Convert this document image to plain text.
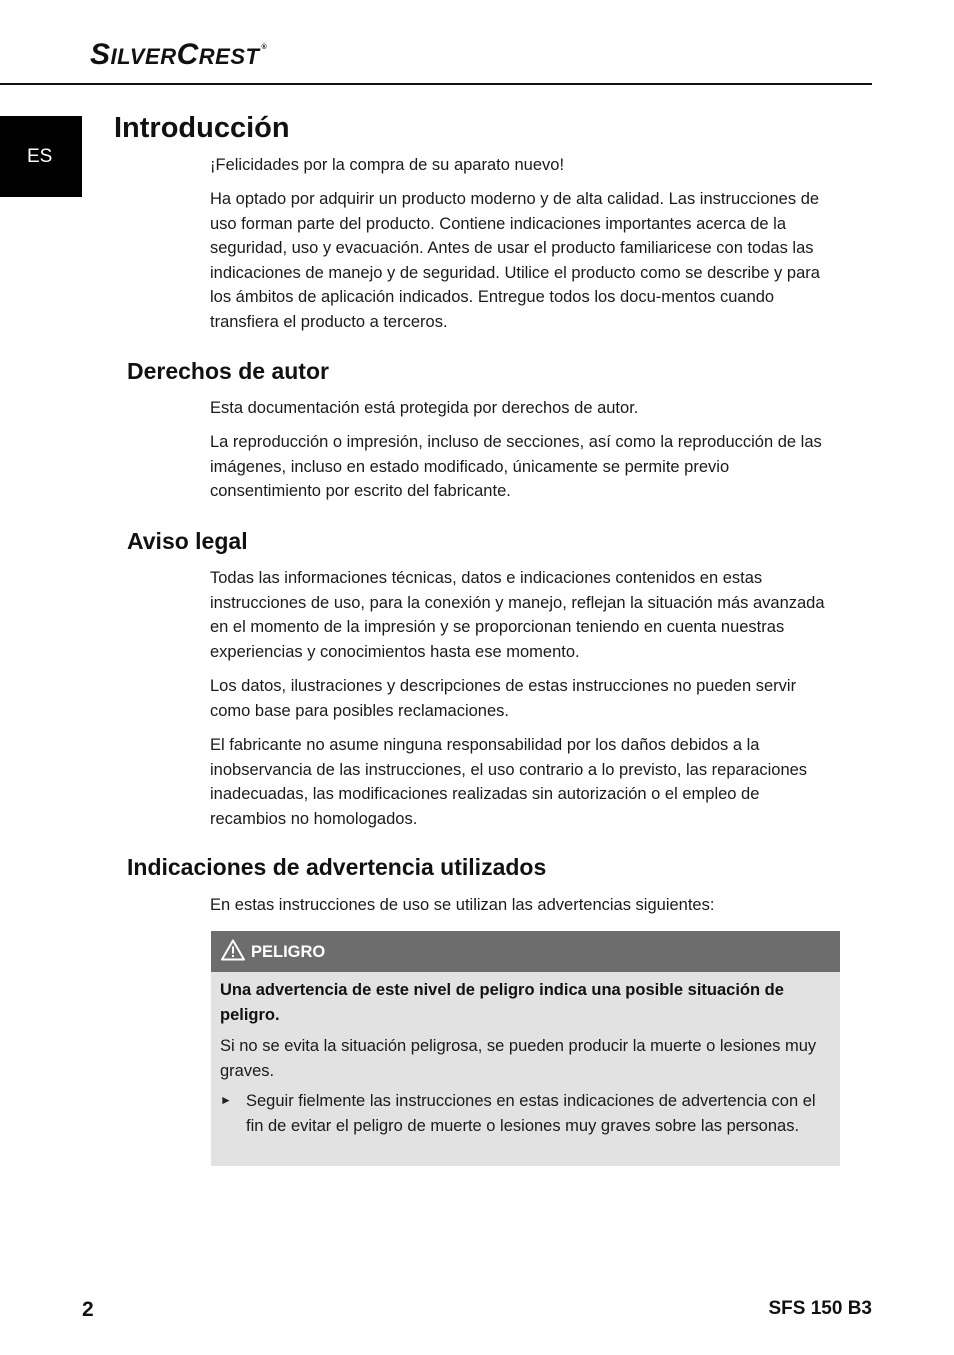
SILVERCREST ®
ES
Introducción

¡Felicidades por la compra de su aparato nuevo!

Ha optado por adquirir un producto moderno y de alta calidad. Las instrucciones de uso forman parte del producto. Contiene indicaciones importantes acerca de la seguridad, uso y evacuación. Antes de usar el producto familiaricese con todas las indicaciones de manejo y de seguridad. Utilice el producto como se describe y para los ámbitos de aplicación indicados. Entregue todos los docu-mentos cuando transfiera el producto a terceros.

Derechos de autor

Esta documentación está protegida por derechos de autor.

La reproducción o impresión, incluso de secciones, así como la reproducción de las imágenes, incluso en estado modificado, únicamente se permite previo consentimiento por escrito del fabricante.

Aviso legal

Todas las informaciones técnicas, datos e indicaciones contenidos en estas instrucciones de uso, para la conexión y manejo, reflejan la situación más avanzada en el momento de la impresión y se proporcionan teniendo en cuenta nuestras experiencias y conocimientos hasta ese momento.

Los datos, ilustraciones y descripciones de estas instrucciones no pueden servir como base para posibles reclamaciones.

El fabricante no asume ninguna responsabilidad por los daños debidos a la inobservancia de las instrucciones, el uso contrario a lo previsto, las reparaciones inadecuadas, las modificaciones realizadas sin autorización o el empleo de recambios no homologados.

Indicaciones de advertencia utilizados

En estas instrucciones de uso se utilizan las advertencias siguientes:

PELIGRO

Una advertencia de este nivel de peligro indica una posible situación de peligro.

Si no se evita la situación peligrosa, se pueden producir la muerte o lesiones muy graves.

► Seguir fielmente las instrucciones en estas indicaciones de advertencia con el fin de evitar el peligro de muerte o lesiones muy graves sobre las personas.

2	SFS 150 B3
